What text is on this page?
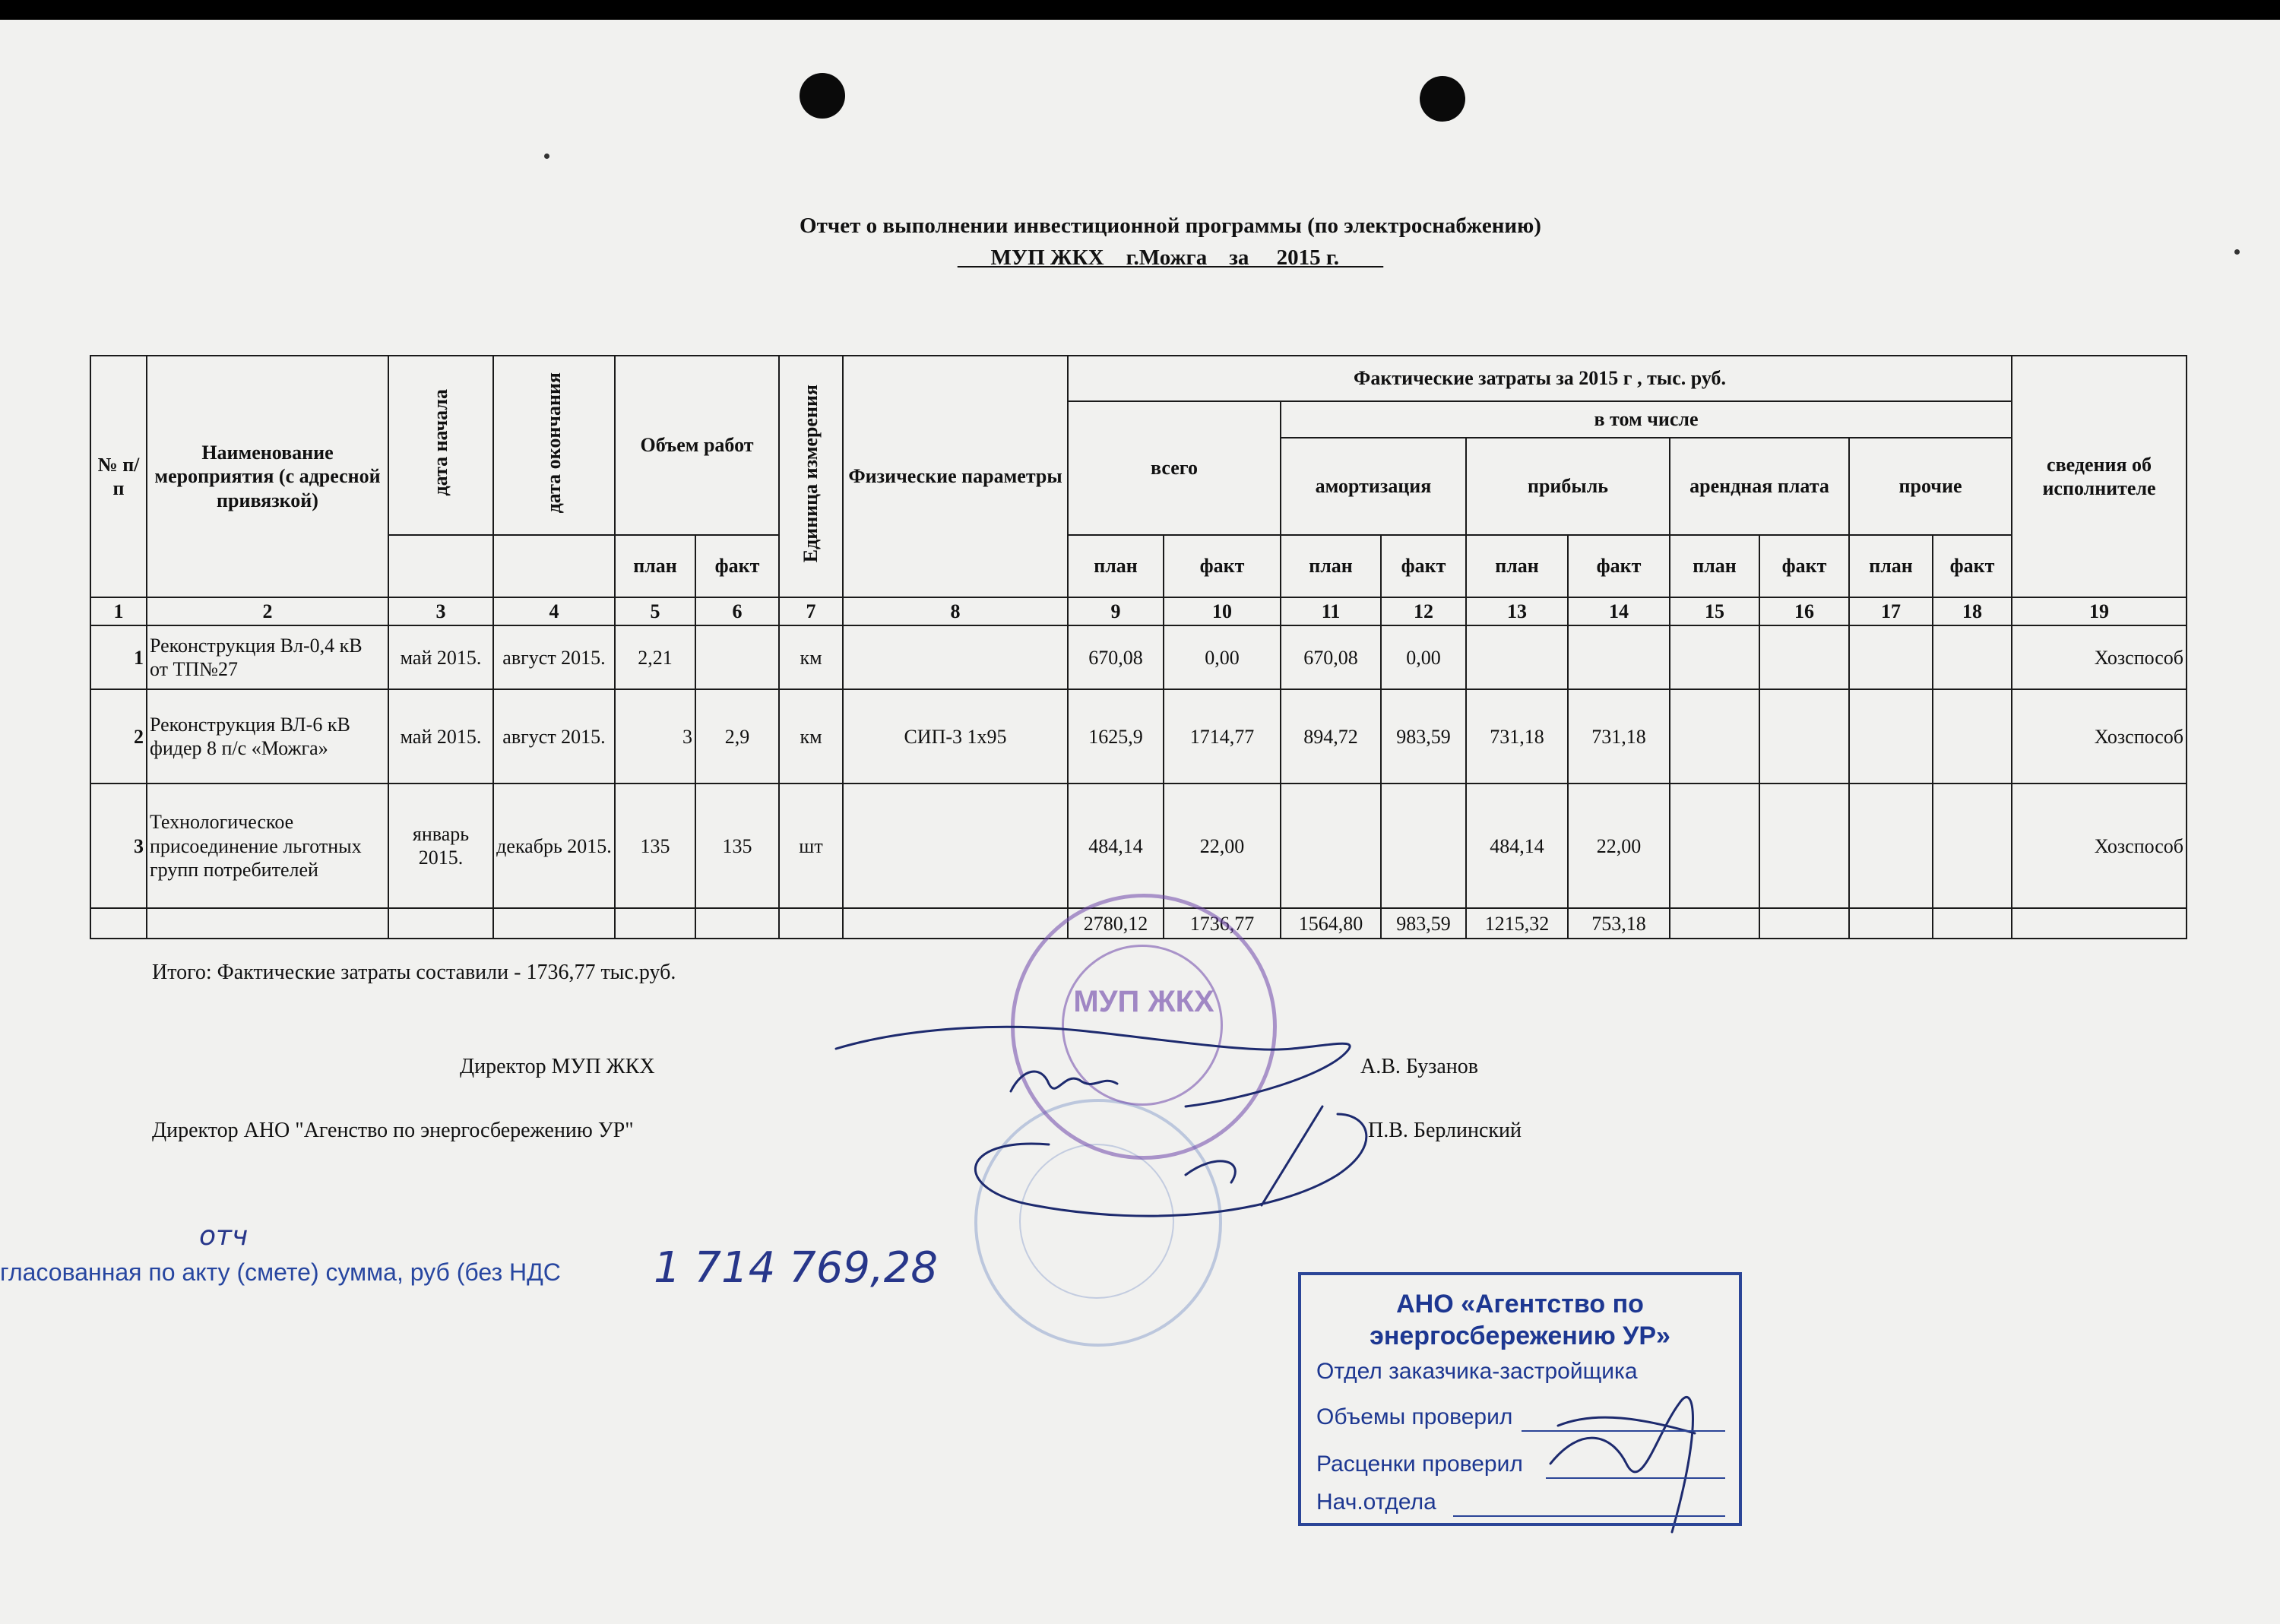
Отчет о выполнении инвестиционной программы (по электроснабжению)
___МУП ЖКХ__г.Можга__за __2015 г.____
№ п/п	Наименование мероприятия (с адресной привязкой)	дата начала	дата окончания	Объем работ		Единица измерения	Физические параметры	Фактические затраты за 2015 г , тыс. руб.										сведения об исполнителе
								всего		в том числе								
										амортизация		прибыль		арендная плата		прочие		
				план	факт			план	факт	план	факт	план	факт	план	факт	план	факт	
1	2	3	4	5	6	7	8	9	10	11	12	13	14	15	16	17	18	19
1	Реконструкция Вл-0,4 кВ от ТП№27	май 2015.	август 2015.	2,21		км		670,08	0,00	670,08	0,00							Хозспособ
2	Реконструкция ВЛ-6 кВ фидер 8 п/с «Можга»	май 2015.	август 2015.	3	2,9	км	СИП-3 1х95	1625,9	1714,77	894,72	983,59	731,18	731,18					Хозспособ
3	Технологическое присоединение льготных групп потребителей	январь 2015.	декабрь 2015.	135	135	шт		484,14	22,00			484,14	22,00					Хозспособ
								2780,12	1736,77	1564,80	983,59	1215,32	753,18					
Итого: Фактические затраты составили - 1736,77 тыс.руб.
Директор МУП ЖКХ	А.В. Бузанов
Директор АНО "Агенство по энергосбережению УР"	П.В. Берлинский
МУП ЖКХ
гласованная по акту (смете) сумма, руб (без НДС 1 714 769,28
отч
АНО «Агентство по
энергосбережению УР»
Отдел заказчика-застройщика
Объемы проверил
Расценки проверил
Нач.отдела
